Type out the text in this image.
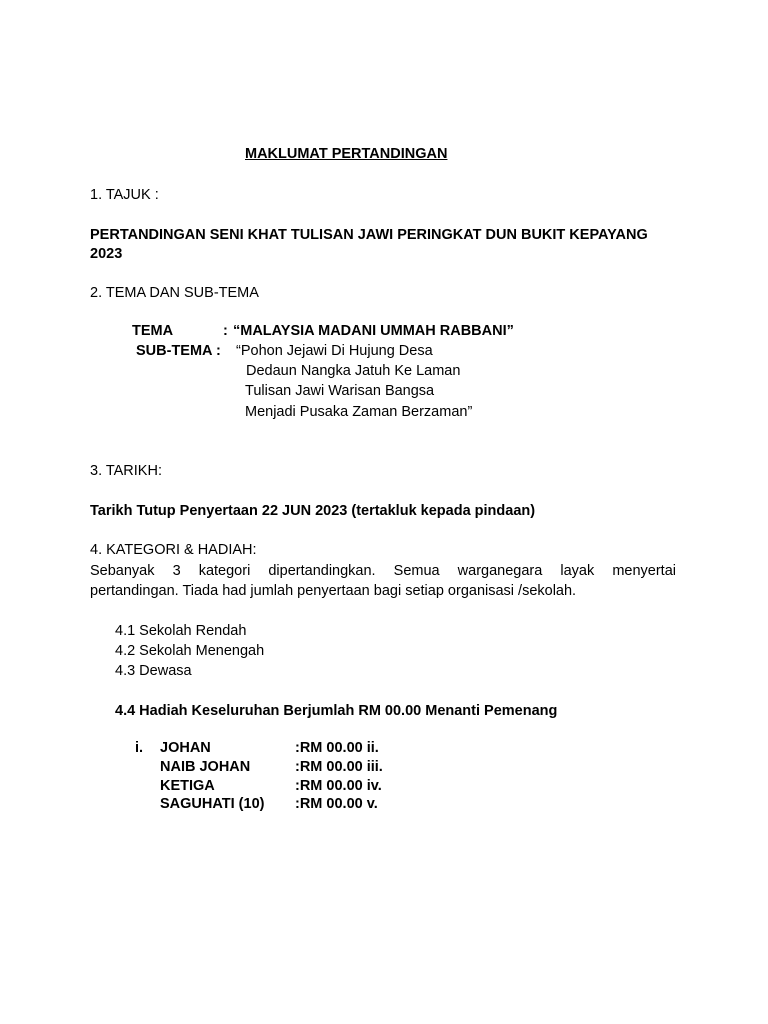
MAKLUMAT PERTANDINGAN
1. TAJUK :
PERTANDINGAN SENI KHAT TULISAN JAWI PERINGKAT DUN BUKIT KEPAYANG
2023
2. TEMA DAN SUB-TEMA
TEMA	: “MALAYSIA MADANI UMMAH RABBANI”
SUB-TEMA : “Pohon Jejawi Di Hujung Desa
Dedaun Nangka Jatuh Ke Laman
Tulisan Jawi Warisan Bangsa
Menjadi Pusaka Zaman Berzaman”
3. TARIKH:
Tarikh Tutup Penyertaan 22 JUN 2023 (tertakluk kepada pindaan)
4. KATEGORI & HADIAH:
Sebanyak 3 kategori dipertandingkan. Semua warganegara layak menyertai
pertandingan. Tiada had jumlah penyertaan bagi setiap organisasi /sekolah.
4.1 Sekolah Rendah
4.2 Sekolah Menengah
4.3 Dewasa
4.4 Hadiah Keseluruhan Berjumlah RM 00.00 Menanti Pemenang
i. JOHAN	:RM 00.00 ii.
NAIB JOHAN	:RM 00.00 iii.
KETIGA	:RM 00.00 iv.
SAGUHATI (10) :RM 00.00 v.
